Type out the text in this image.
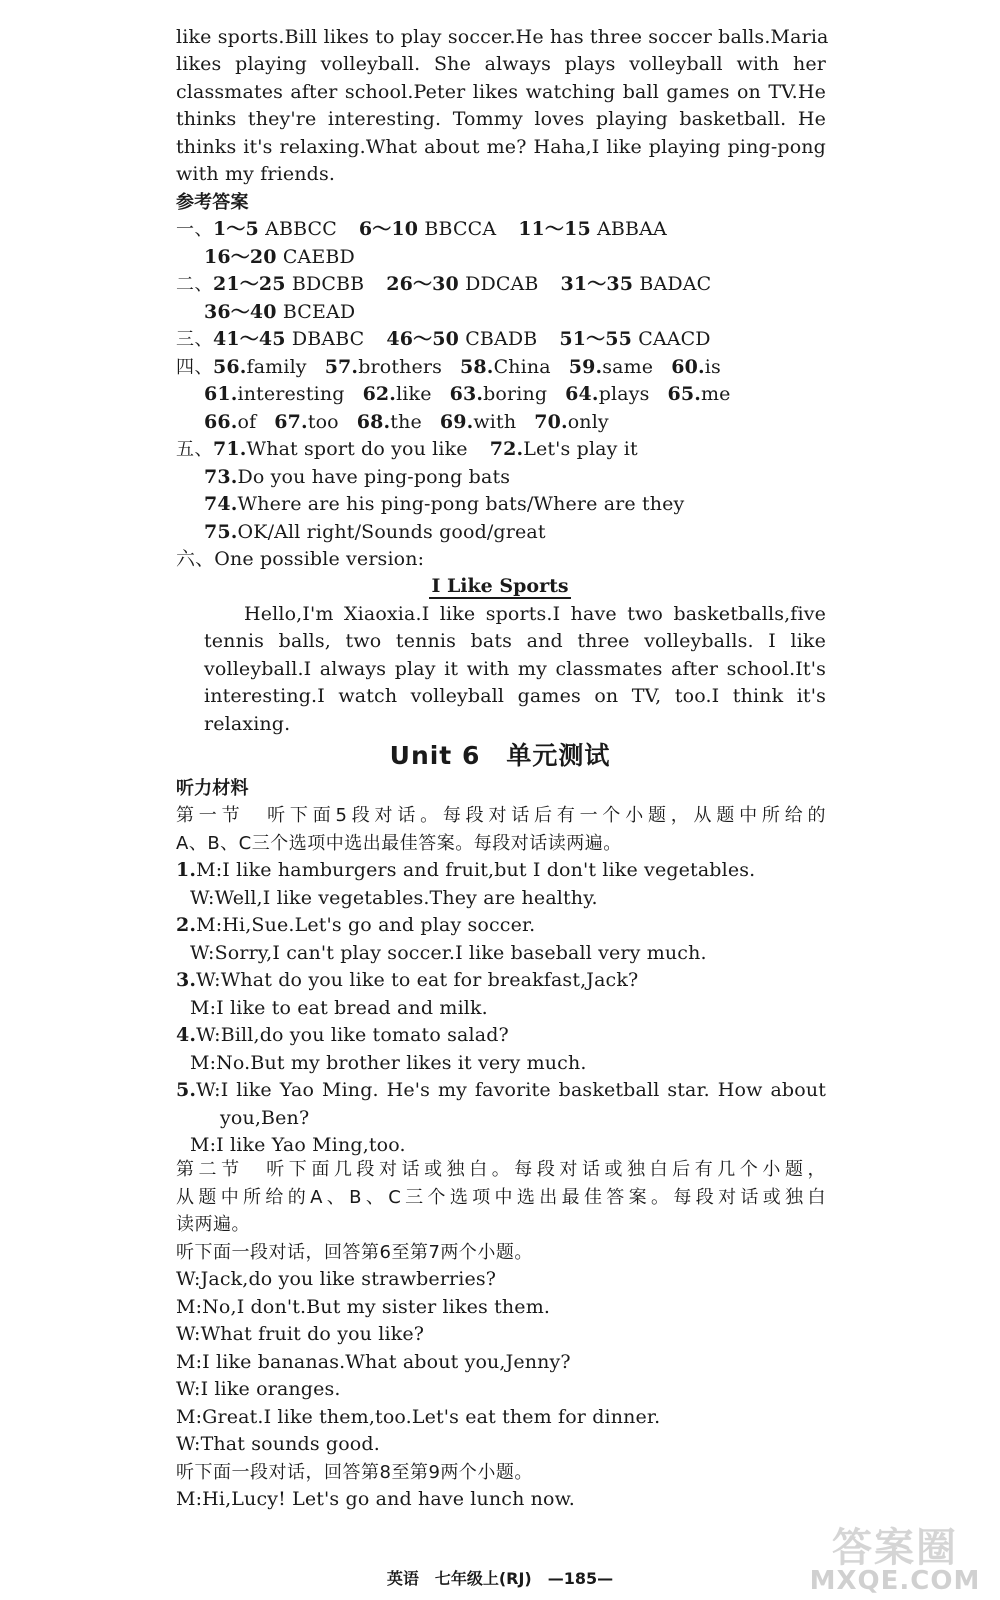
like sports.Bill likes to play soccer.He has three soccer balls.Maria
likes playing volleyball. She always plays volleyball with her
classmates after school.Peter likes watching ball games on TV.He
thinks they're interesting. Tommy loves playing basketball. He
thinks it's relaxing.What about me? Haha,I like playing ping-pong
with my friends.
参考答案
一、1～5 ABBCC 6～10 BBCCA 11～15 ABBAA
16～20 CAEBD
二、21～25 BDCBB 26～30 DDCAB 31～35 BADAC
36～40 BCEAD
三、41～45 DBABC 46～50 CBADB 51～55 CAACD
四、56.family 57.brothers 58.China 59.same 60.is
61.interesting 62.like 63.boring 64.plays 65.me
66.of 67.too 68.the 69.with 70.only
五、71.What sport do you like 72.Let's play it
73.Do you have ping-pong bats
74.Where are his ping-pong bats/Where are they
75.OK/All right/Sounds good/great
六、One possible version:
I Like Sports
Hello,I'm Xiaoxia.I like sports.I have two basketballs,five
tennis balls, two tennis bats and three volleyballs. I like
volleyball.I always play it with my classmates after school.It's
interesting.I watch volleyball games on TV, too.I think it's
relaxing.
Unit 6　单元测试
听力材料
第一节　听下面5段对话。每段对话后有一个小题，从题中所给的
A、B、C三个选项中选出最佳答案。每段对话读两遍。
1.M:I like hamburgers and fruit,but I don't like vegetables.
W:Well,I like vegetables.They are healthy.
2.M:Hi,Sue.Let's go and play soccer.
W:Sorry,I can't play soccer.I like baseball very much.
3.W:What do you like to eat for breakfast,Jack?
M:I like to eat bread and milk.
4.W:Bill,do you like tomato salad?
M:No.But my brother likes it very much.
5.W:I like Yao Ming. He's my favorite basketball star. How about
you,Ben?
M:I like Yao Ming,too.
第二节　听下面几段对话或独白。每段对话或独白后有几个小题，
从题中所给的A、B、C三个选项中选出最佳答案。每段对话或独白
读两遍。
听下面一段对话，回答第6至第7两个小题。
W:Jack,do you like strawberries?
M:No,I don't.But my sister likes them.
W:What fruit do you like?
M:I like bananas.What about you,Jenny?
W:I like oranges.
M:Great.I like them,too.Let's eat them for dinner.
W:That sounds good.
听下面一段对话，回答第8至第9两个小题。
M:Hi,Lucy! Let's go and have lunch now.
英语　七年级上(RJ)　—185—
答案圈
MXQE.COM
